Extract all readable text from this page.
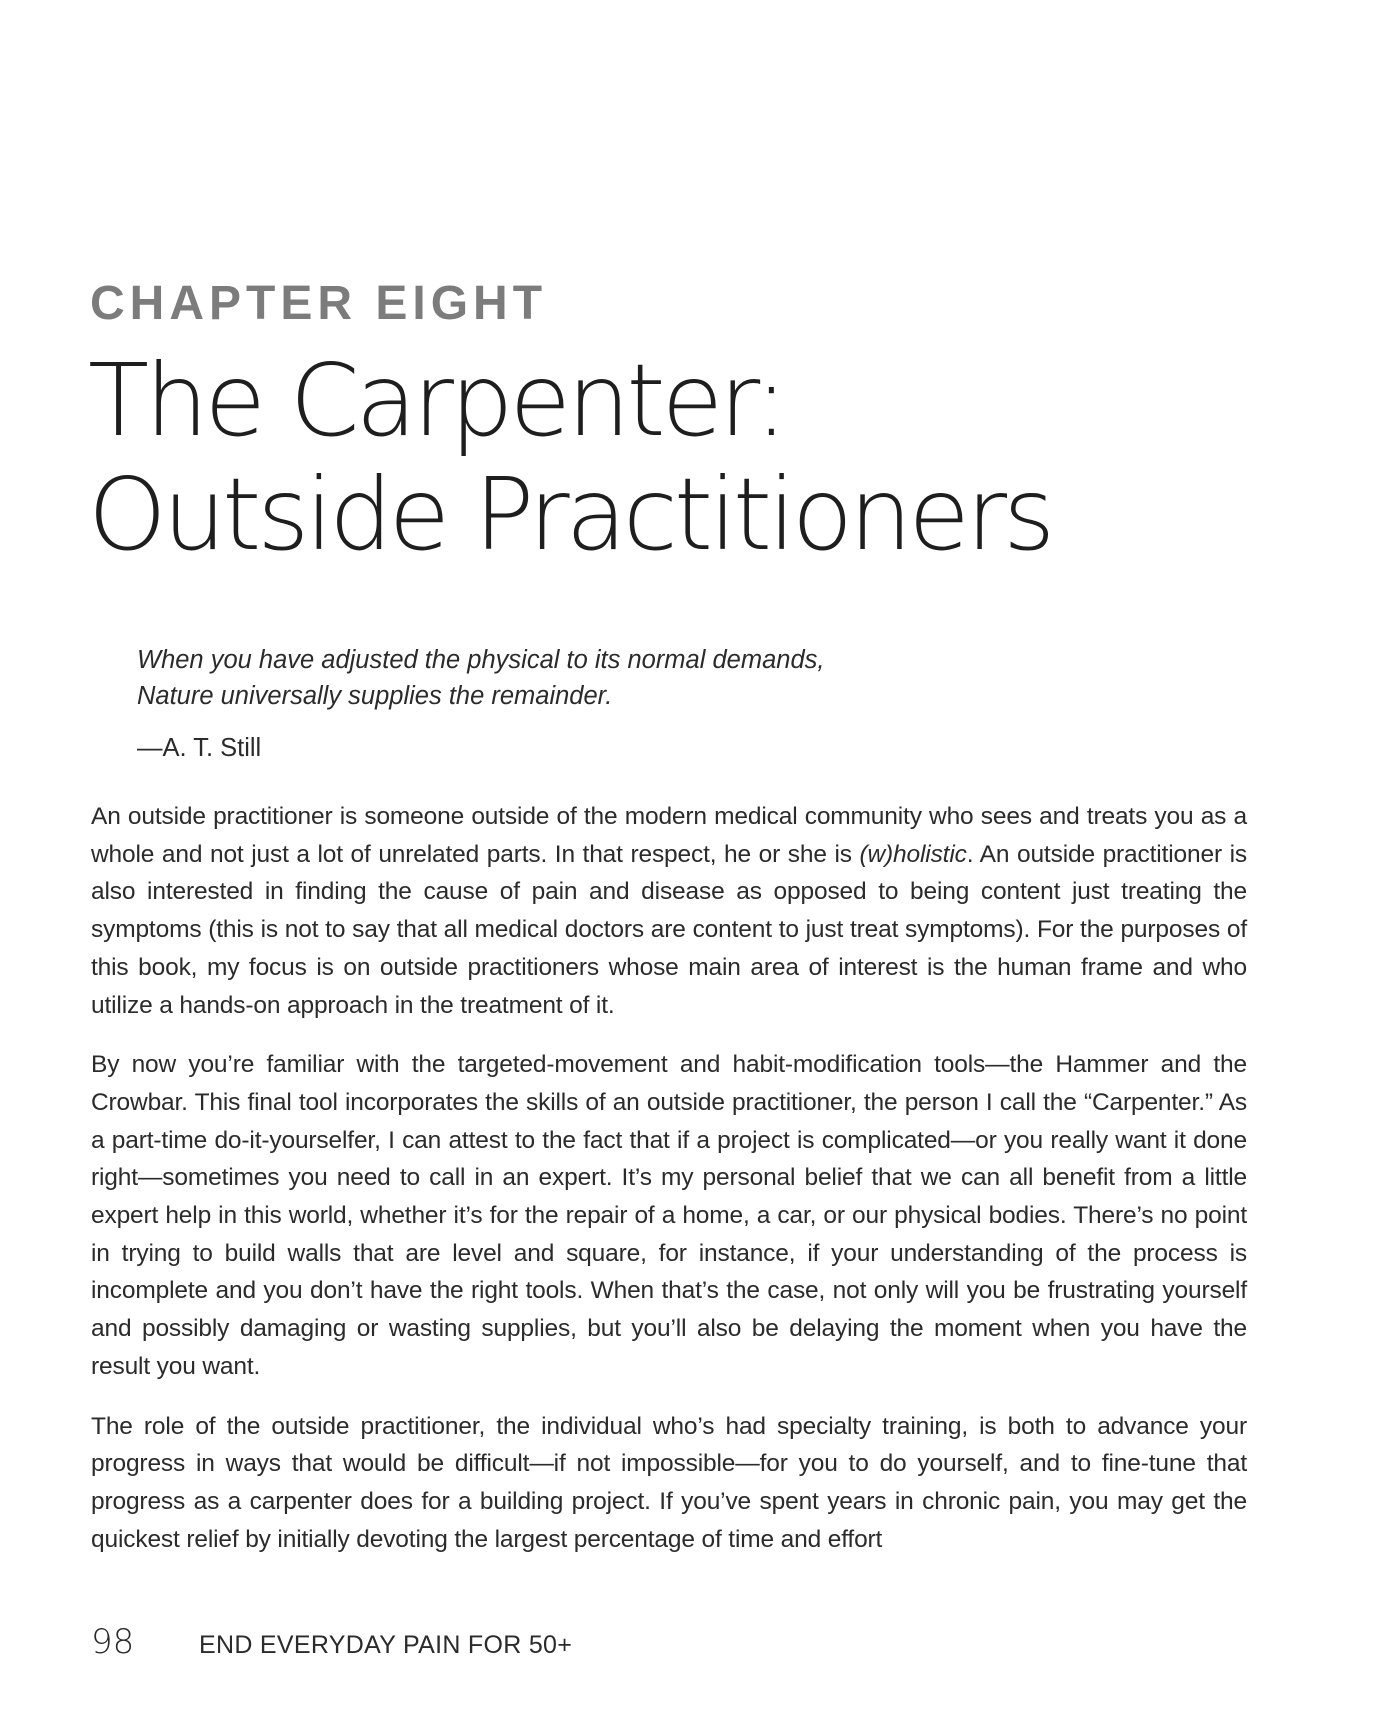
CHAPTER EIGHT
The Carpenter:
Outside Practitioners

When you have adjusted the physical to its normal demands,
Nature universally supplies the remainder.

—A. T. Still

An outside practitioner is someone outside of the modern medical community who sees and treats you as a whole and not just a lot of unrelated parts. In that respect, he or she is (w)holistic. An outside practitioner is also interested in finding the cause of pain and disease as opposed to being content just treating the symptoms (this is not to say that all medical doctors are content to just treat symptoms). For the purposes of this book, my focus is on outside practitioners whose main area of interest is the human frame and who utilize a hands-on approach in the treatment of it.

By now you’re familiar with the targeted-movement and habit-modification tools—the Hammer and the Crowbar. This final tool incorporates the skills of an outside practitioner, the person I call the “Carpenter.” As a part-time do-it-yourselfer, I can attest to the fact that if a project is complicated—or you really want it done right—sometimes you need to call in an expert. It’s my personal belief that we can all benefit from a little expert help in this world, whether it’s for the repair of a home, a car, or our physical bodies. There’s no point in trying to build walls that are level and square, for instance, if your understanding of the process is incomplete and you don’t have the right tools. When that’s the case, not only will you be frustrating yourself and possibly damaging or wasting supplies, but you’ll also be delaying the moment when you have the result you want.

The role of the outside practitioner, the individual who’s had specialty training, is both to advance your progress in ways that would be difficult—if not impossible—for you to do yourself, and to fine-tune that progress as a carpenter does for a building project. If you’ve spent years in chronic pain, you may get the quickest relief by initially devoting the largest percentage of time and effort

98	END EVERYDAY PAIN FOR 50+
